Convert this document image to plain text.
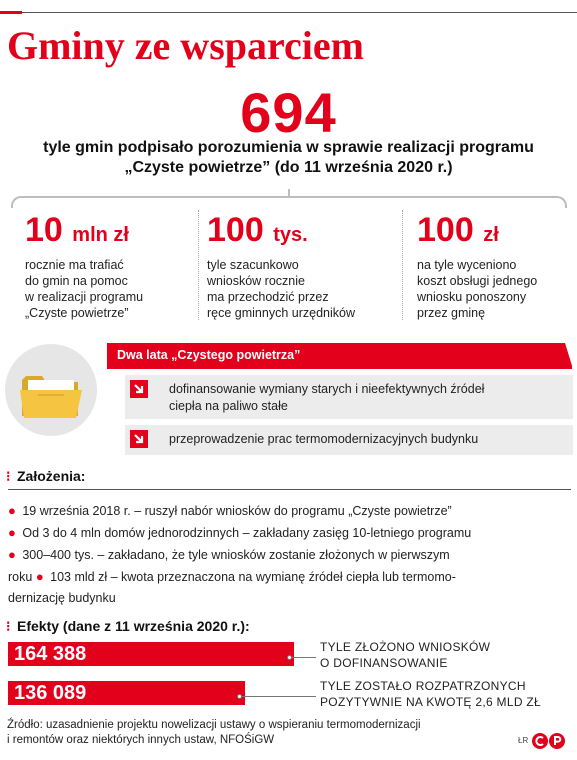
Gminy ze wsparciem
694
tyle gmin podpisało porozumienia w sprawie realizacji programu
„Czyste powietrze” (do 11 września 2020 r.)
10 mln zł
rocznie ma trafiać
do gmin na pomoc
w realizacji programu
„Czyste powietrze”
100 tys.
tyle szacunkowo
wniosków rocznie
ma przechodzić przez
ręce gminnych urzędników
100 zł
na tyle wyceniono
koszt obsługi jednego
wniosku ponoszony
przez gminę
Dwa lata „Czystego powietrza”
dofinansowanie wymiany starych i nieefektywnych źródeł
ciepła na paliwo stałe
przeprowadzenie prac termomodernizacyjnych budynku
⁝ Założenia:
● 19 września 2018 r. – ruszył nabór wniosków do programu „Czyste powietrze”
● Od 3 do 4 mln domów jednorodzinnych – zakładany zasięg 10-letniego programu
● 300–400 tys. – zakładano, że tyle wniosków zostanie złożonych w pierwszym
roku ● 103 mld zł – kwota przeznaczona na wymianę źródeł ciepła lub termomo-
dernizację budynku
⁝ Efekty (dane z 11 września 2020 r.):
164 388	TYLE ZŁOŻONO WNIOSKÓW
O DOFINANSOWANIE
136 089	TYLE ZOSTAŁO ROZPATRZONYCH
POZYTYWNIE NA KWOTĘ 2,6 MLD ZŁ
Źródło: uzasadnienie projektu nowelizacji ustawy o wspieraniu termomodernizacji
i remontów oraz niektórych innych ustaw, NFOŚiGW	ŁR
